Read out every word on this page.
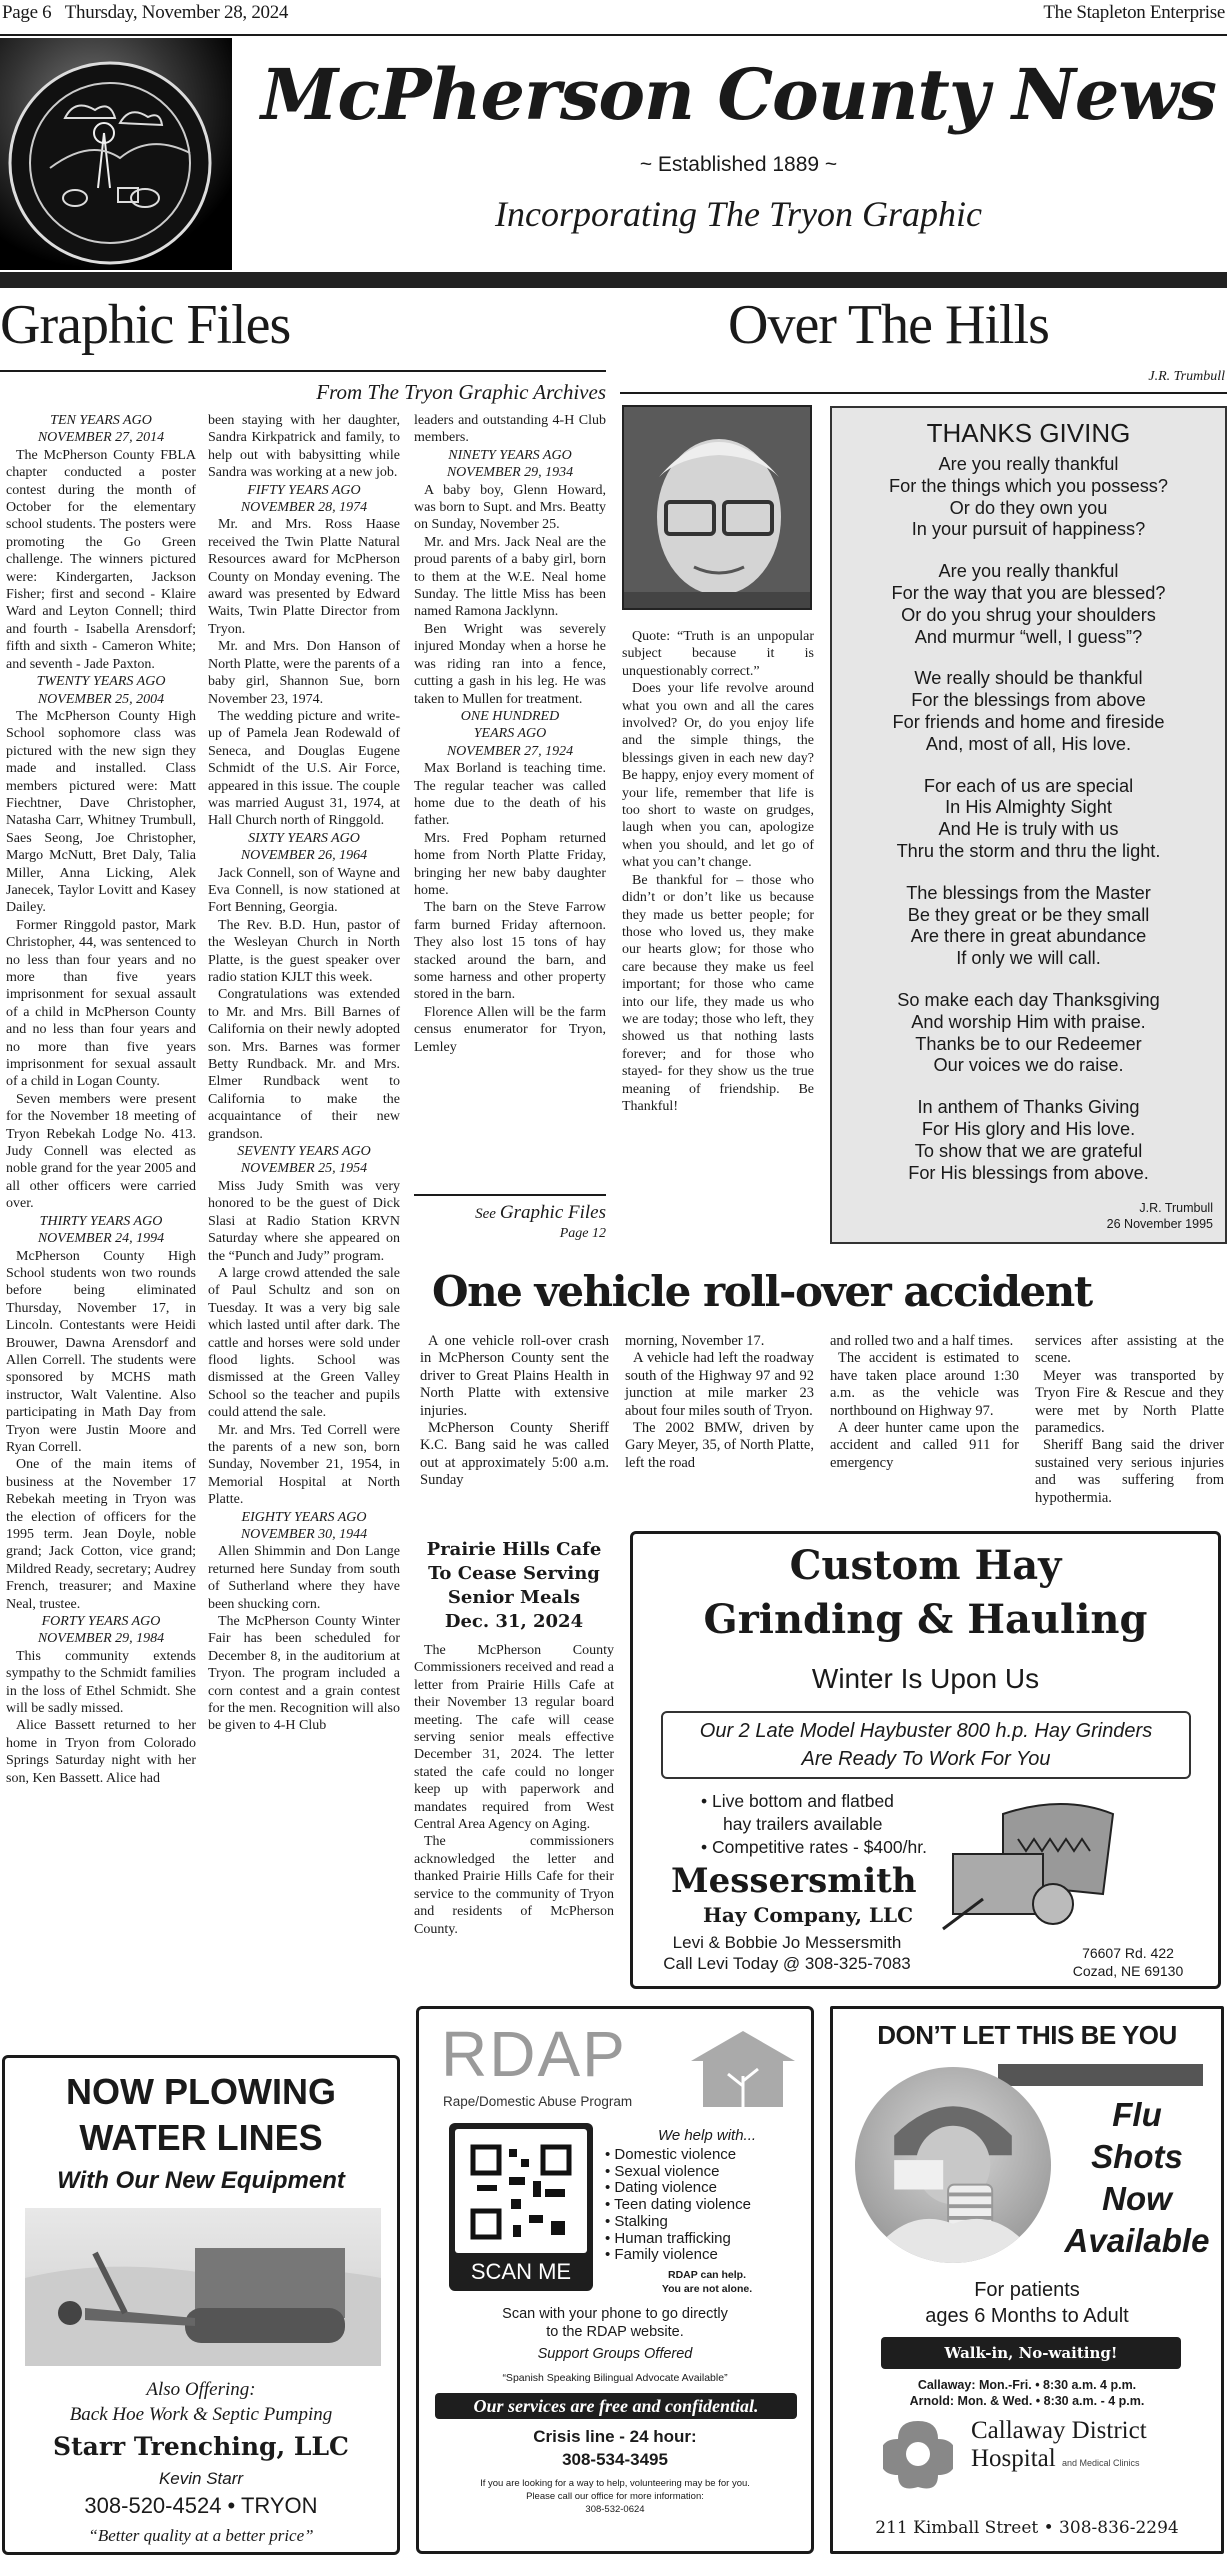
Page 6 Thursday, November 28, 2024	The Stapleton Enterprise
McPherson County News
~ Established 1889 ~
Incorporating The Tryon Graphic
Graphic Files
From The Tryon Graphic Archives
TEN YEARS AGO
NOVEMBER 27, 2014

The McPherson County FBLA chapter conducted a poster contest during the month of October for the elementary school students. The posters were promoting the Go Green challenge. The winners pictured were: Kindergarten, Jackson Fisher; first and second - Klaire Ward and Leyton Connell; third and fourth - Isabella Arensdorf; fifth and sixth - Cameron White; and seventh - Jade Paxton.

TWENTY YEARS AGO
NOVEMBER 25, 2004

The McPherson County High School sophomore class was pictured with the new sign they made and installed. Class members pictured were: Matt Fiechtner, Dave Christopher, Natasha Carr, Whitney Trumbull, Saes Seong, Joe Christopher, Margo McNutt, Bret Daly, Talia Miller, Anna Licking, Alek Janecek, Taylor Lovitt and Kasey Dailey.

Former Ringgold pastor, Mark Christopher, 44, was sentenced to no less than four years and no more than five years imprisonment for sexual assault of a child in McPherson County and no less than four years and no more than five years imprisonment for sexual assault of a child in Logan County.

Seven members were present for the November 18 meeting of Tryon Rebekah Lodge No. 413. Judy Connell was elected as noble grand for the year 2005 and all other officers were carried over.

THIRTY YEARS AGO
NOVEMBER 24, 1994

McPherson County High School students won two rounds before being eliminated Thursday, November 17, in Lincoln. Contestants were Heidi Brouwer, Dawna Arensdorf and Allen Correll. The students were sponsored by MCHS math instructor, Walt Valentine. Also participating in Math Day from Tryon were Justin Moore and Ryan Correll.

One of the main items of business at the November 17 Rebekah meeting in Tryon was the election of officers for the 1995 term. Jean Doyle, noble grand; Jack Cotton, vice grand; Mildred Ready, secretary; Audrey French, treasurer; and Maxine Neal, trustee.

FORTY YEARS AGO
NOVEMBER 29, 1984

This community extends sympathy to the Schmidt families in the loss of Ethel Schmidt. She will be sadly missed.

Alice Bassett returned to her home in Tryon from Colorado Springs Saturday night with her son, Ken Bassett. Alice had

been staying with her daughter, Sandra Kirkpatrick and family, to help out with babysitting while Sandra was working at a new job.

FIFTY YEARS AGO
NOVEMBER 28, 1974

Mr. and Mrs. Ross Haase received the Twin Platte Natural Resources award for McPherson County on Monday evening. The award was presented by Edward Waits, Twin Platte Director from Tryon.

Mr. and Mrs. Don Hanson of North Platte, were the parents of a baby girl, Shannon Sue, born November 23, 1974.

The wedding picture and write-up of Pamela Jean Rodewald of Seneca, and Douglas Eugene Schmidt of the U.S. Air Force, appeared in this issue. The couple was married August 31, 1974, at Hall Church north of Ringgold.

SIXTY YEARS AGO
NOVEMBER 26, 1964

Jack Connell, son of Wayne and Eva Connell, is now stationed at Fort Benning, Georgia.

The Rev. B.D. Hun, pastor of the Wesleyan Church in North Platte, is the guest speaker over radio station KJLT this week.

Congratulations was extended to Mr. and Mrs. Bill Barnes of California on their newly adopted son. Mrs. Barnes was former Betty Rundback. Mr. and Mrs. Elmer Rundback went to California to make the acquaintance of their new grandson.

SEVENTY YEARS AGO
NOVEMBER 25, 1954

Miss Judy Smith was very honored to be the guest of Dick Slasi at Radio Station KRVN Saturday where she appeared on the “Punch and Judy” program.

A large crowd attended the sale of Paul Schultz and son on Tuesday. It was a very big sale which lasted until after dark. The cattle and horses were sold under flood lights. School was dismissed at the Green Valley School so the teacher and pupils could attend the sale.

Mr. and Mrs. Ted Correll were the parents of a new son, born Sunday, November 21, 1954, in Memorial Hospital at North Platte.

EIGHTY YEARS AGO
NOVEMBER 30, 1944

Allen Shimmin and Don Lange returned here Sunday from south of Sutherland where they have been shucking corn.

The McPherson County Winter Fair has been scheduled for December 8, in the auditorium at Tryon. The program included a corn contest and a grain contest for the men. Recognition will also be given to 4-H Club

leaders and outstanding 4-H Club members.

NINETY YEARS AGO
NOVEMBER 29, 1934

A baby boy, Glenn Howard, was born to Supt. and Mrs. Beatty on Sunday, November 25.

Mr. and Mrs. Jack Neal are the proud parents of a baby girl, born to them at the W.E. Neal home Sunday. The little Miss has been named Ramona Jacklynn.

Ben Wright was severely injured Monday when a horse he was riding ran into a fence, cutting a gash in his leg. He was taken to Mullen for treatment.

ONE HUNDRED
YEARS AGO
NOVEMBER 27, 1924

Max Borland is teaching time. The regular teacher was called home due to the death of his father.

Mrs. Fred Popham returned home from North Platte Friday, bringing her new baby daughter home.

The barn on the Steve Farrow farm burned Friday afternoon. They also lost 15 tons of hay stacked around the barn, and some harness and other property stored in the barn.

Florence Allen will be the farm census enumerator for Tryon, Lemley

See Graphic Files
Page 12
Over The Hills
J.R. Trumbull

Quote: “Truth is an unpopular subject because it is unquestionably correct.”

Does your life revolve around what you own and all the cares involved? Or, do you enjoy life and the simple things, the blessings given in each new day? Be happy, enjoy every moment of your life, remember that life is too short to waste on grudges, laugh when you can, apologize when you should, and let go of what you can’t change.

Be thankful for – those who didn’t or don’t like us because they made us better people; for those who loved us, they make our hearts glow; for those who care because they make us feel important; for those who came into our life, they made us who we are today; those who left, they showed us that nothing lasts forever; and for those who stayed- for they show us the true meaning of friendship. Be Thankful!

THANKS GIVING
Are you really thankful
For the things which you possess?
Or do they own you
In your pursuit of happiness?
Are you really thankful
For the way that you are blessed?
Or do you shrug your shoulders
And murmur “well, I guess”?
We really should be thankful
For the blessings from above
For friends and home and fireside
And, most of all, His love.
For each of us are special
In His Almighty Sight
And He is truly with us
Thru the storm and thru the light.
The blessings from the Master
Be they great or be they small
Are there in great abundance
If only we will call.
So make each day Thanksgiving
And worship Him with praise.
Thanks be to our Redeemer
Our voices we do raise.
In anthem of Thanks Giving
For His glory and His love.
To show that we are grateful
For His blessings from above.
J.R. Trumbull
26 November 1995
One vehicle roll-over accident

A one vehicle roll-over crash in McPherson County sent the driver to Great Plains Health in North Platte with extensive injuries.

McPherson County Sheriff K.C. Bang said he was called out at approximately 5:00 a.m. Sunday

morning, November 17.

A vehicle had left the roadway south of the Highway 97 and 92 junction at mile marker 23 about four miles south of Tryon.

The 2002 BMW, driven by Gary Meyer, 35, of North Platte, left the road

and rolled two and a half times.

The accident is estimated to have taken place around 1:30 a.m. as the vehicle was northbound on Highway 97.

A deer hunter came upon the accident and called 911 for emergency

services after assisting at the scene.

Meyer was transported by Tryon Fire & Rescue and they were met by North Platte paramedics.

Sheriff Bang said the driver sustained very serious injuries and was suffering from hypothermia.

Prairie Hills Cafe
To Cease Serving
Senior Meals
Dec. 31, 2024

The McPherson County Commissioners received and read a letter from Prairie Hills Cafe at their November 13 regular board meeting. The cafe will cease serving senior meals effective December 31, 2024. The letter stated the cafe could no longer keep up with paperwork and mandates required from West Central Area Agency on Aging.

The commissioners acknowledged the letter and thanked Prairie Hills Cafe for their service to the community of Tryon and residents of McPherson County.

Custom Hay
Grinding & Hauling
Winter Is Upon Us
Our 2 Late Model Haybuster 800 h.p. Hay Grinders
Are Ready To Work For You
• Live bottom and flatbed
hay trailers available
• Competitive rates - $400/hr.
Messersmith
Hay Company, LLC
Levi & Bobbie Jo Messersmith
Call Levi Today @ 308-325-7083
76607 Rd. 422
Cozad, NE 69130
NOW PLOWING
WATER LINES
With Our New Equipment
Also Offering:
Back Hoe Work & Septic Pumping
Starr Trenching, LLC
Kevin Starr
308-520-4524 • TRYON
“Better quality at a better price”
RDAP
Rape/Domestic Abuse Program
SCAN ME
We help with...
• Domestic violence
• Sexual violence
• Dating violence
• Teen dating violence
• Stalking
• Human trafficking
• Family violence
RDAP can help.
You are not alone.
Scan with your phone to go directly
to the RDAP website.
Support Groups Offered
“Spanish Speaking Bilingual Advocate Available”
Our services are free and confidential.
Crisis line - 24 hour:
308-534-3495
If you are looking for a way to help, volunteering may be for you.
Please call our office for more information:
308-532-0624
DON’T LET THIS BE YOU
Flu
Shots
Now
Available
For patients
ages 6 Months to Adult
Walk-in, No-waiting!
Callaway: Mon.-Fri. • 8:30 a.m. 4 p.m.
Arnold: Mon. & Wed. • 8:30 a.m. - 4 p.m.
Callaway District
Hospital and Medical Clinics
211 Kimball Street • 308-836-2294
